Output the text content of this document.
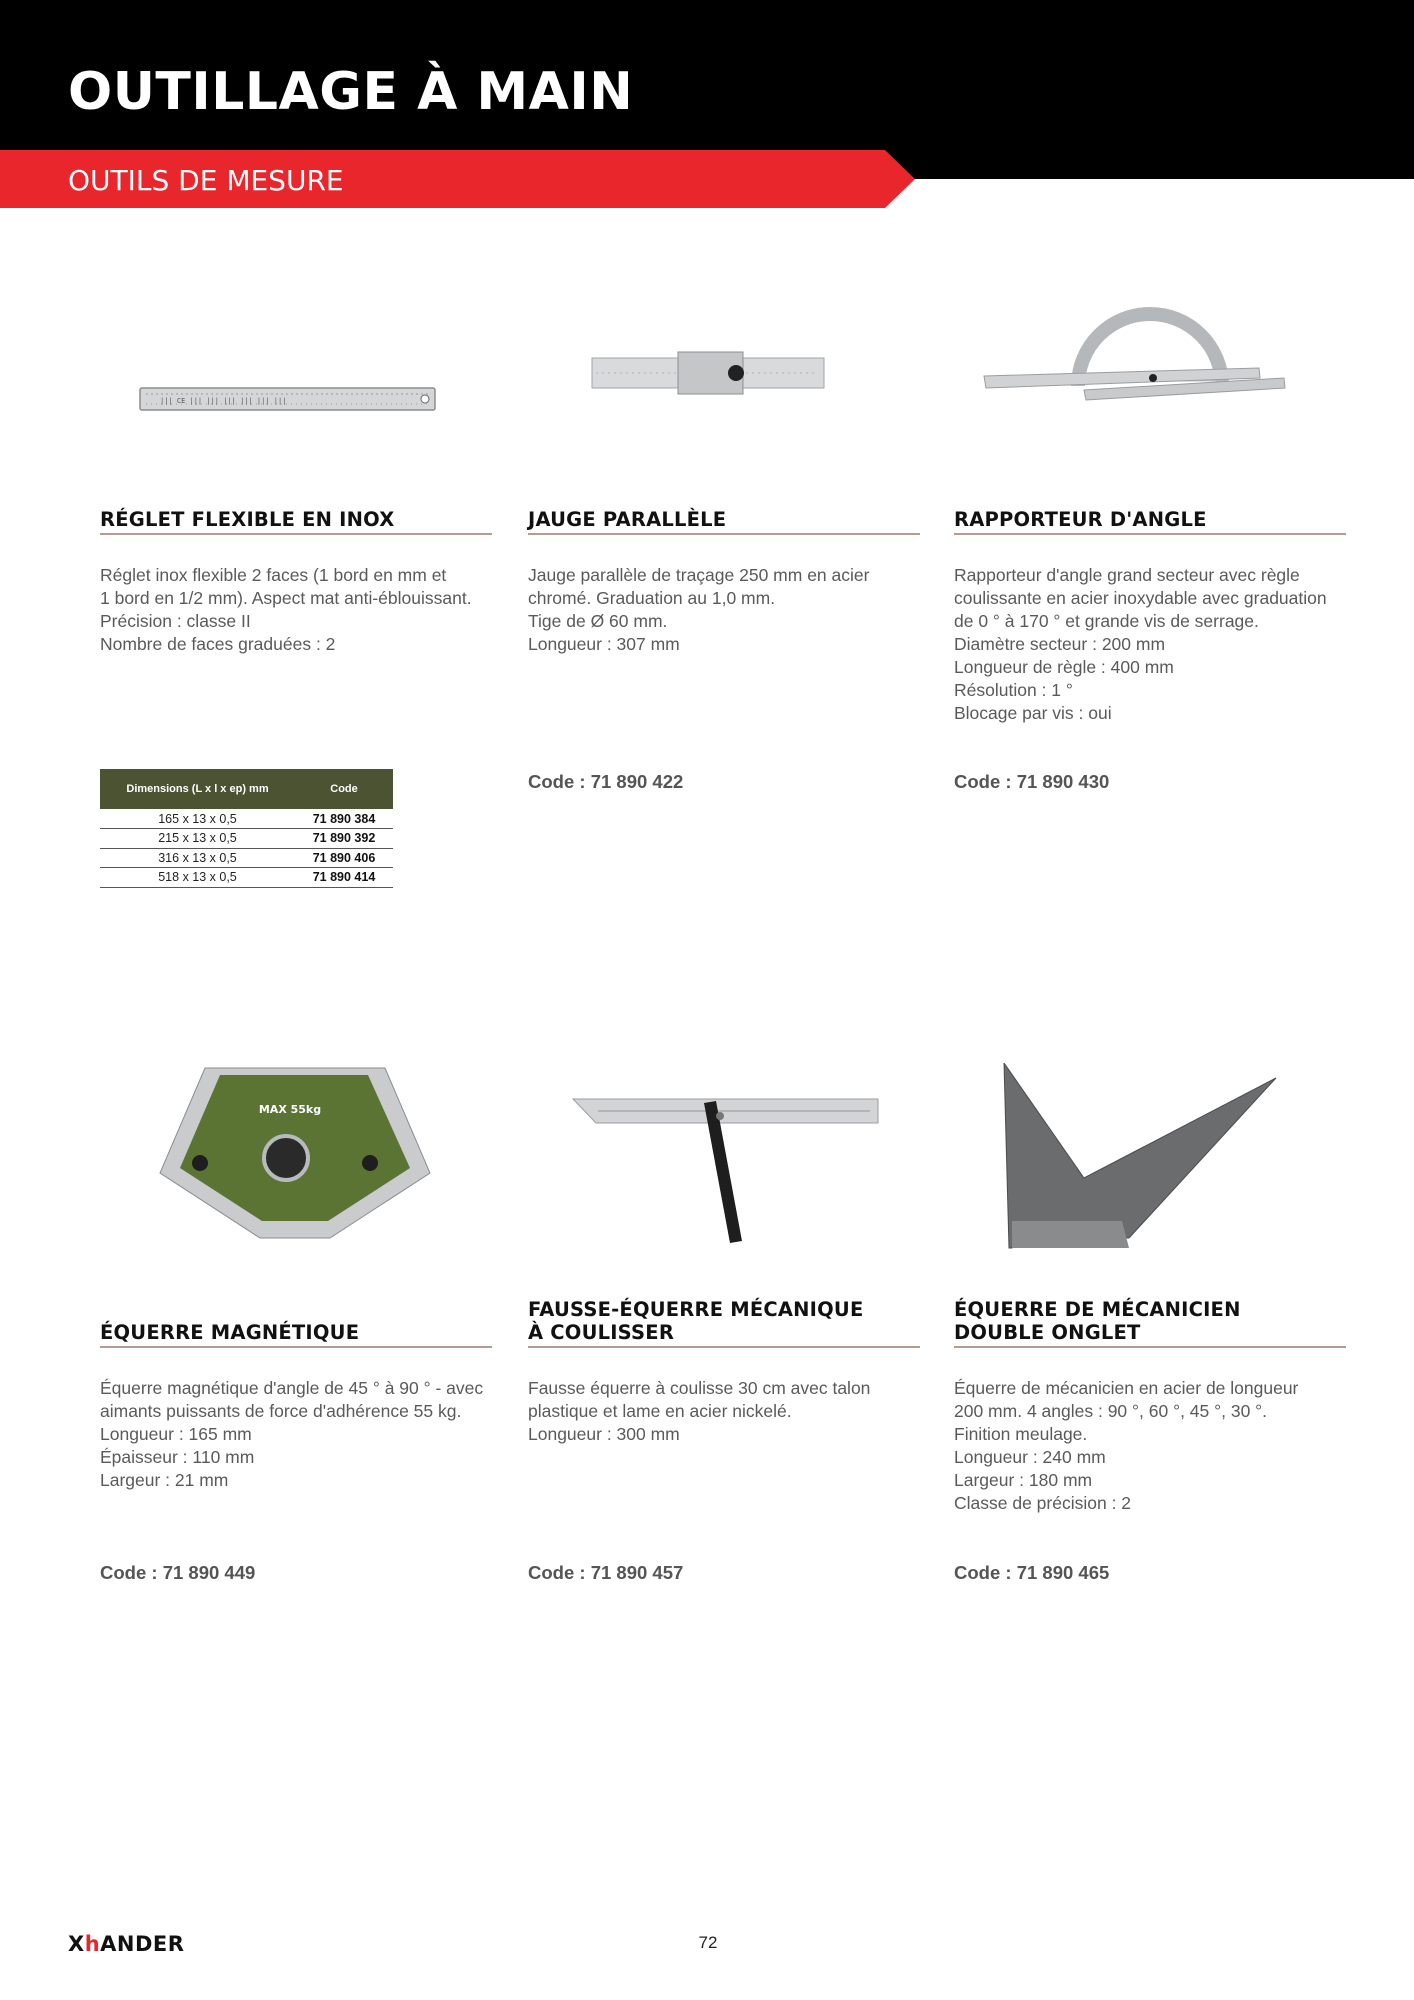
OUTILLAGE À MAIN
OUTILS DE MESURE
||| CE ||| ||| ||| ||| ||| |||
RÉGLET FLEXIBLE EN INOX
Réglet inox flexible 2 faces (1 bord en mm et
1 bord en 1/2 mm). Aspect mat anti-éblouissant.
Précision : classe II
Nombre de faces graduées : 2
Dimensions (L x l x ep) mm	Code
165 x 13 x 0,5	71 890 384
215 x 13 x 0,5	71 890 392
316 x 13 x 0,5	71 890 406
518 x 13 x 0,5	71 890 414
JAUGE PARALLÈLE
Jauge parallèle de traçage 250 mm en acier
chromé. Graduation au 1,0 mm.
Tige de Ø 60 mm.
Longueur : 307 mm
Code : 71 890 422
RAPPORTEUR D'ANGLE
Rapporteur d'angle grand secteur avec règle
coulissante en acier inoxydable avec graduation
de 0 ° à 170 ° et grande vis de serrage.
Diamètre secteur : 200 mm
Longueur de règle : 400 mm
Résolution : 1 °
Blocage par vis : oui
Code : 71 890 430
MAX 55kg
ÉQUERRE MAGNÉTIQUE
Équerre magnétique d'angle de 45 ° à 90 ° - avec
aimants puissants de force d'adhérence 55 kg.
Longueur : 165 mm
Épaisseur : 110 mm
Largeur : 21 mm
Code : 71 890 449
FAUSSE-ÉQUERRE MÉCANIQUE
À COULISSER
Fausse équerre à coulisse 30 cm avec talon
plastique et lame en acier nickelé.
Longueur : 300 mm
Code : 71 890 457
ÉQUERRE DE MÉCANICIEN
DOUBLE ONGLET
Équerre de mécanicien en acier de longueur
200 mm. 4 angles : 90 °, 60 °, 45 °, 30 °.
Finition meulage.
Longueur : 240 mm
Largeur : 180 mm
Classe de précision : 2
Code : 71 890 465
XhANDER	72
